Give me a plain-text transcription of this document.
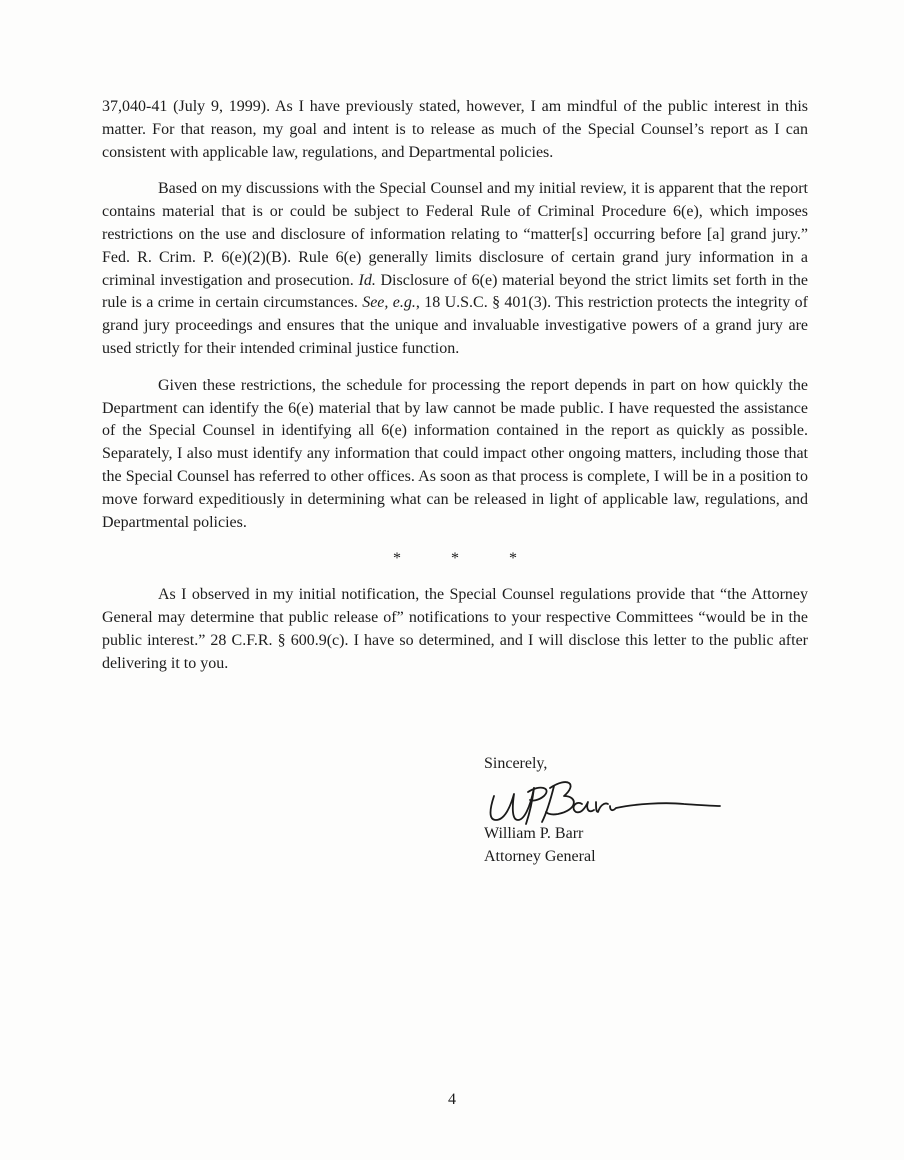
37,040-41 (July 9, 1999). As I have previously stated, however, I am mindful of the public interest in this matter. For that reason, my goal and intent is to release as much of the Special Counsel’s report as I can consistent with applicable law, regulations, and Departmental policies.

Based on my discussions with the Special Counsel and my initial review, it is apparent that the report contains material that is or could be subject to Federal Rule of Criminal Procedure 6(e), which imposes restrictions on the use and disclosure of information relating to “matter[s] occurring before [a] grand jury.” Fed. R. Crim. P. 6(e)(2)(B). Rule 6(e) generally limits disclosure of certain grand jury information in a criminal investigation and prosecution. Id. Disclosure of 6(e) material beyond the strict limits set forth in the rule is a crime in certain circumstances. See, e.g., 18 U.S.C. § 401(3). This restriction protects the integrity of grand jury proceedings and ensures that the unique and invaluable investigative powers of a grand jury are used strictly for their intended criminal justice function.

Given these restrictions, the schedule for processing the report depends in part on how quickly the Department can identify the 6(e) material that by law cannot be made public. I have requested the assistance of the Special Counsel in identifying all 6(e) information contained in the report as quickly as possible. Separately, I also must identify any information that could impact other ongoing matters, including those that the Special Counsel has referred to other offices. As soon as that process is complete, I will be in a position to move forward expeditiously in determining what can be released in light of applicable law, regulations, and Departmental policies.

*	*	*

As I observed in my initial notification, the Special Counsel regulations provide that “the Attorney General may determine that public release of” notifications to your respective Committees “would be in the public interest.” 28 C.F.R. § 600.9(c). I have so determined, and I will disclose this letter to the public after delivering it to you.

Sincerely,
William P. Barr
Attorney General
4
